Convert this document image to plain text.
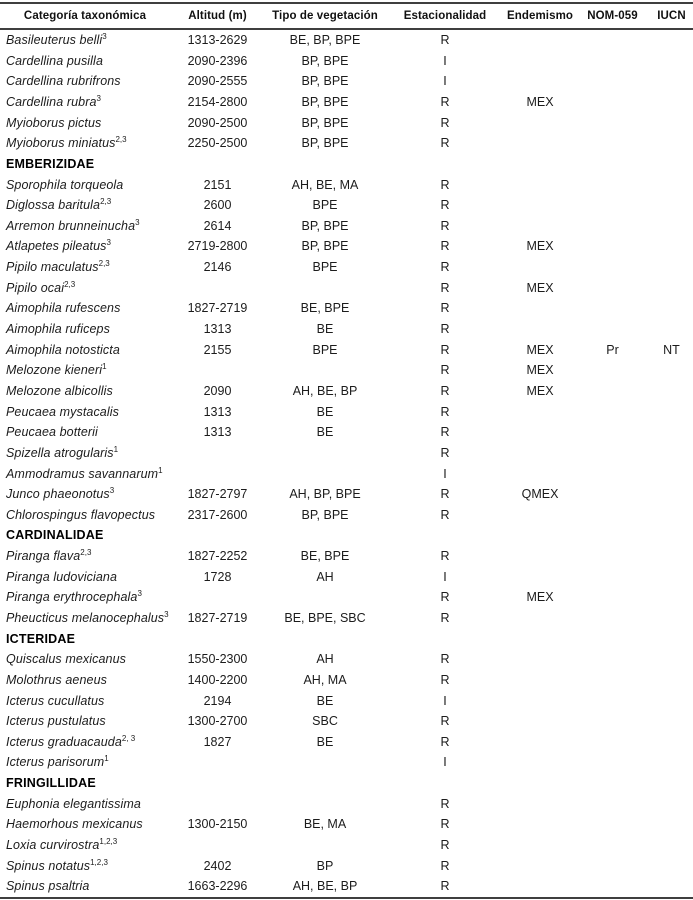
Categoría taxonómica	Altitud (m)	Tipo de vegetación	Estacionalidad	Endemismo	NOM-059	IUCN
Basileuterus belli$^3$	1313-2629	BE, BP, BPE	R			
Cardellina pusilla	2090-2396	BP, BPE	I			
Cardellina rubrifrons	2090-2555	BP, BPE	I			
Cardellina rubra$^3$	2154-2800	BP, BPE	R	MEX		
Myioborus pictus	2090-2500	BP, BPE	R			
Myioborus miniatus$^{2,3}$	2250-2500	BP, BPE	R			
EMBERIZIDAE						
Sporophila torqueola	2151	AH, BE, MA	R			
Diglossa baritula$^{2,3}$	2600	BPE	R			
Arremon brunneinucha$^3$	2614	BP, BPE	R			
Atlapetes pileatus$^3$	2719-2800	BP, BPE	R	MEX		
Pipilo maculatus$^{2,3}$	2146	BPE	R			
Pipilo ocai$^{2,3}$			R	MEX		
Aimophila rufescens	1827-2719	BE, BPE	R			
Aimophila ruficeps	1313	BE	R			
Aimophila notosticta	2155	BPE	R	MEX	Pr	NT
Melozone kieneri$^1$			R	MEX		
Melozone albicollis	2090	AH, BE, BP	R	MEX		
Peucaea mystacalis	1313	BE	R			
Peucaea botterii	1313	BE	R			
Spizella atrogularis$^1$			R			
Ammodramus savannarum$^1$			I			
Junco phaeonotus$^3$	1827-2797	AH, BP, BPE	R	QMEX		
Chlorospingus flavopectus	2317-2600	BP, BPE	R			
CARDINALIDAE						
Piranga flava$^{2,3}$	1827-2252	BE, BPE	R			
Piranga ludoviciana	1728	AH	I			
Piranga erythrocephala$^3$			R	MEX		
Pheucticus melanocephalus$^3$	1827-2719	BE, BPE, SBC	R			
ICTERIDAE						
Quiscalus mexicanus	1550-2300	AH	R			
Molothrus aeneus	1400-2200	AH, MA	R			
Icterus cucullatus	2194	BE	I			
Icterus pustulatus	1300-2700	SBC	R			
Icterus graduacauda$^{2, 3}$	1827	BE	R			
Icterus parisorum$^1$			I			
FRINGILLIDAE						
Euphonia elegantissima			R			
Haemorhous mexicanus	1300-2150	BE, MA	R			
Loxia curvirostra$^{1,2,3}$			R			
Spinus notatus$^{1,2,3}$	2402	BP	R			
Spinus psaltria	1663-2296	AH, BE, BP	R			
